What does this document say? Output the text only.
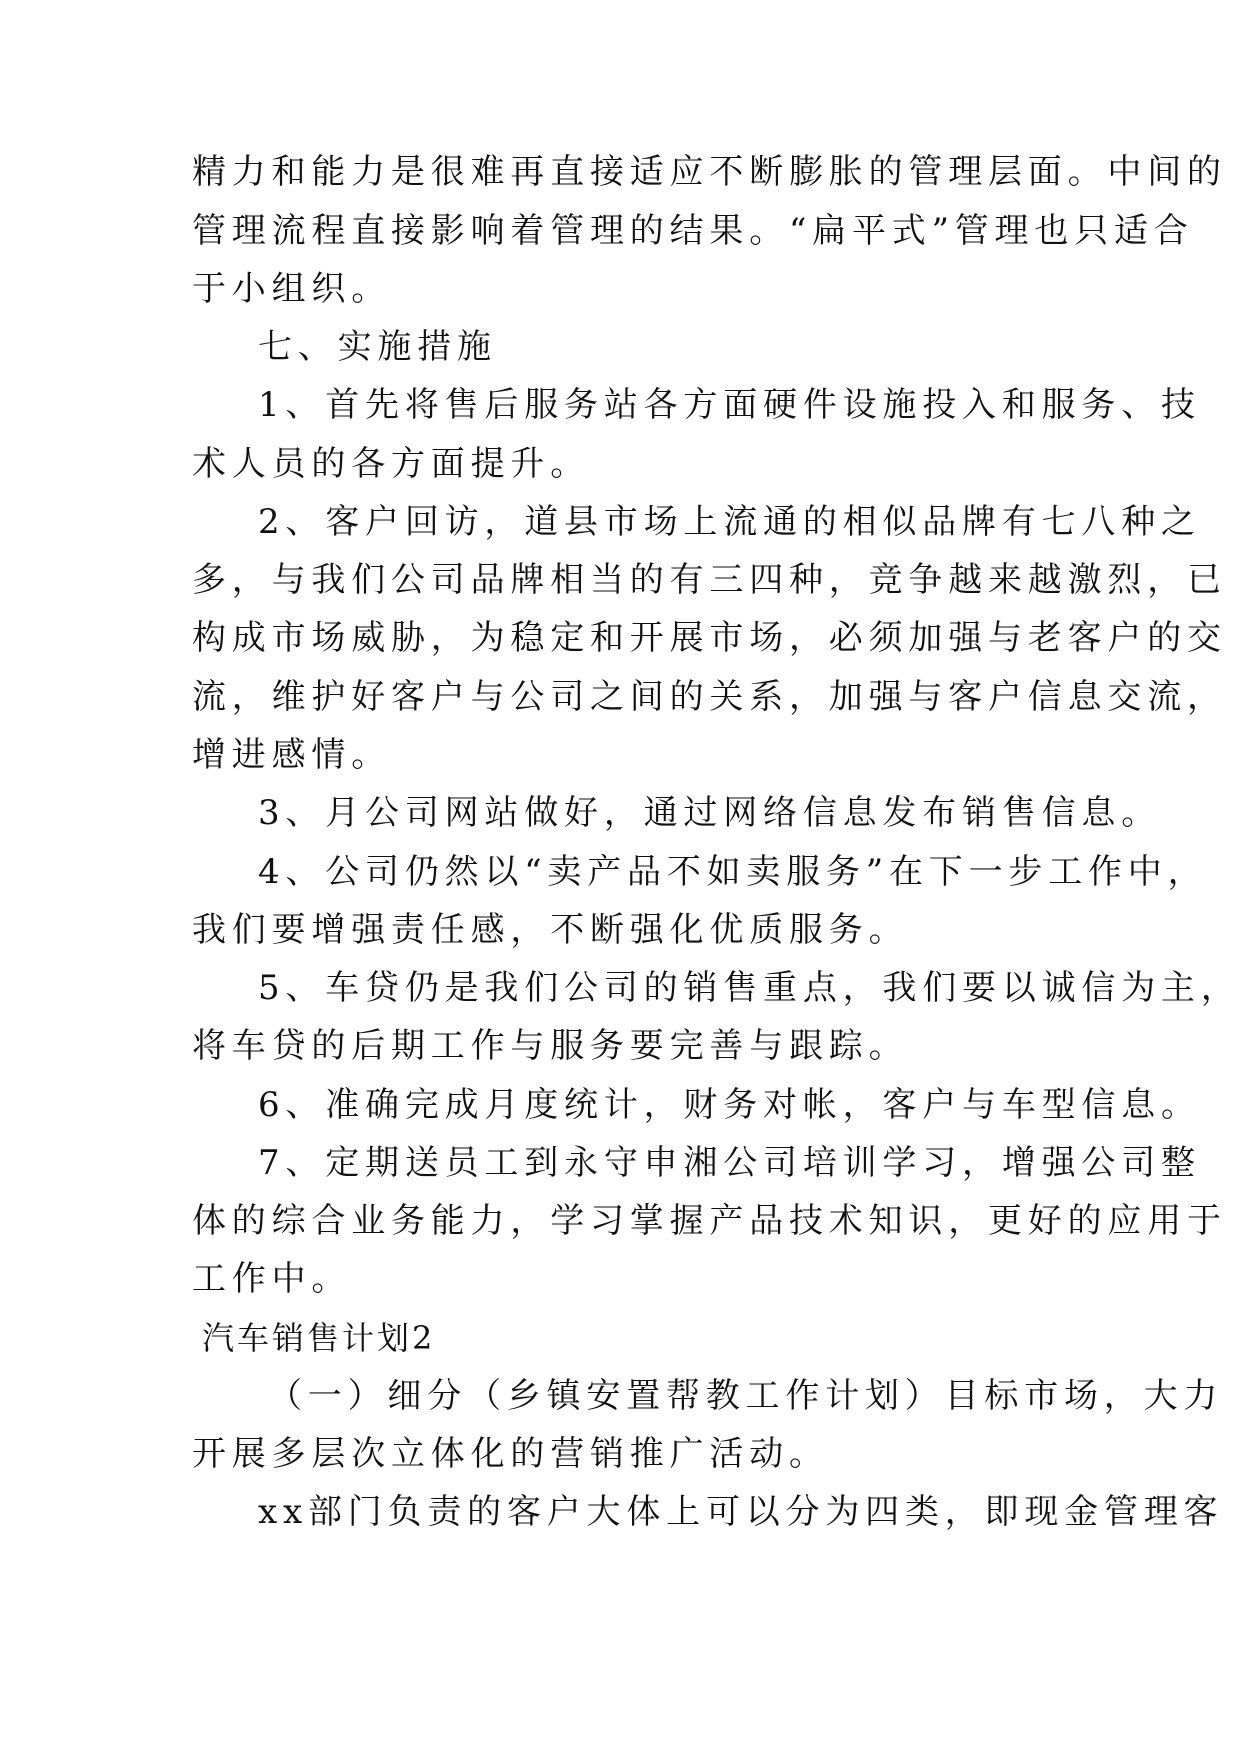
精力和能力是很难再直接适应不断膨胀的管理层面。中间的
管理流程直接影响着管理的结果。“扁平式”管理也只适合
于小组织。
七、实施措施
1、首先将售后服务站各方面硬件设施投入和服务、技
术人员的各方面提升。
2、客户回访，道县市场上流通的相似品牌有七八种之
多，与我们公司品牌相当的有三四种，竞争越来越激烈，已
构成市场威胁，为稳定和开展市场，必须加强与老客户的交
流，维护好客户与公司之间的关系，加强与客户信息交流，
增进感情。
3、月公司网站做好，通过网络信息发布销售信息。
4、公司仍然以“卖产品不如卖服务”在下一步工作中，
我们要增强责任感，不断强化优质服务。
5、车贷仍是我们公司的销售重点，我们要以诚信为主，
将车贷的后期工作与服务要完善与跟踪。
6、准确完成月度统计，财务对帐，客户与车型信息。
7、定期送员工到永守申湘公司培训学习，增强公司整
体的综合业务能力，学习掌握产品技术知识，更好的应用于
工作中。
汽车销售计划2
（一）细分（乡镇安置帮教工作计划）目标市场，大力
开展多层次立体化的营销推广活动。
xx部门负责的客户大体上可以分为四类，即现金管理客
